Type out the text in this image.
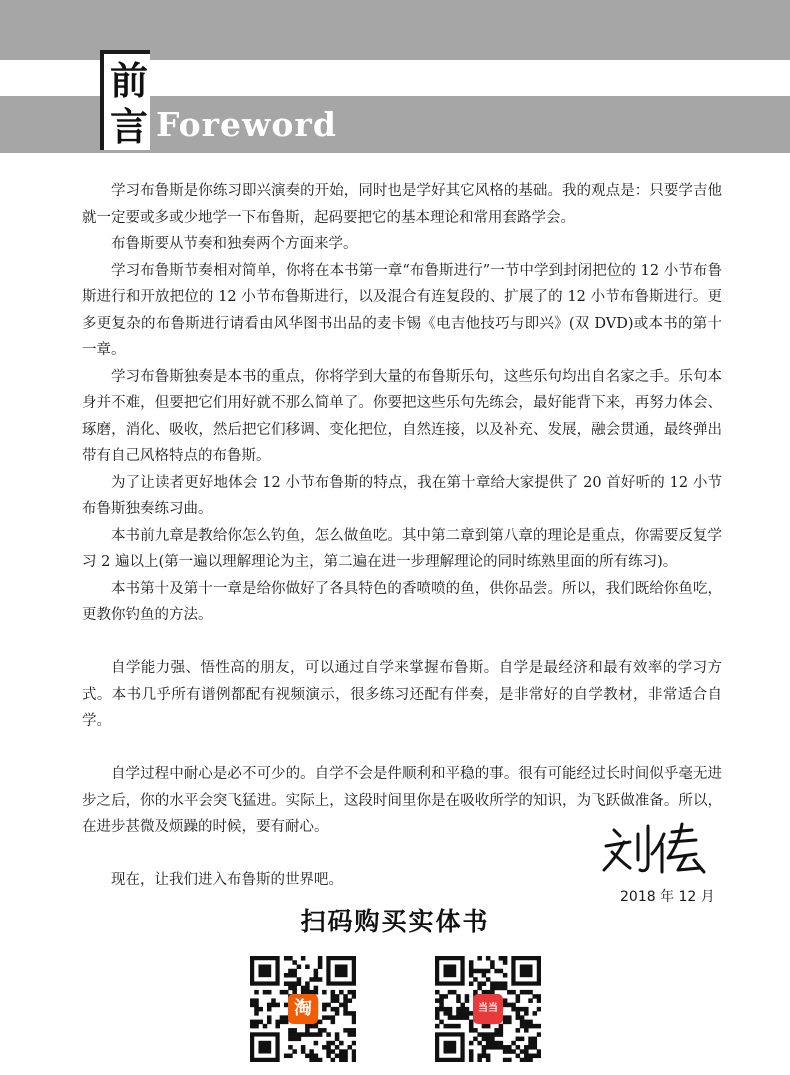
前
言 Foreword

学习布鲁斯是你练习即兴演奏的开始，同时也是学好其它风格的基础。我的观点是：只要学吉他就一定要或多或少地学一下布鲁斯，起码要把它的基本理论和常用套路学会。

布鲁斯要从节奏和独奏两个方面来学。

学习布鲁斯节奏相对简单，你将在本书第一章“布鲁斯进行”一节中学到封闭把位的 12 小节布鲁斯进行和开放把位的 12 小节布鲁斯进行，以及混合有连复段的、扩展了的 12 小节布鲁斯进行。更多更复杂的布鲁斯进行请看由风华图书出品的麦卡锡《电吉他技巧与即兴》(双 DVD)或本书的第十一章。

学习布鲁斯独奏是本书的重点，你将学到大量的布鲁斯乐句，这些乐句均出自名家之手。乐句本身并不难，但要把它们用好就不那么简单了。你要把这些乐句先练会，最好能背下来，再努力体会、琢磨，消化、吸收，然后把它们移调、变化把位，自然连接，以及补充、发展，融会贯通，最终弹出带有自己风格特点的布鲁斯。

为了让读者更好地体会 12 小节布鲁斯的特点，我在第十章给大家提供了 20 首好听的 12 小节布鲁斯独奏练习曲。

本书前九章是教给你怎么钓鱼，怎么做鱼吃。其中第二章到第八章的理论是重点，你需要反复学习 2 遍以上(第一遍以理解理论为主，第二遍在进一步理解理论的同时练熟里面的所有练习)。

本书第十及第十一章是给你做好了各具特色的香喷喷的鱼，供你品尝。所以，我们既给你鱼吃，更教你钓鱼的方法。

自学能力强、悟性高的朋友，可以通过自学来掌握布鲁斯。自学是最经济和最有效率的学习方式。本书几乎所有谱例都配有视频演示，很多练习还配有伴奏，是非常好的自学教材，非常适合自学。

自学过程中耐心是必不可少的。自学不会是件顺利和平稳的事。很有可能经过长时间似乎毫无进步之后，你的水平会突飞猛进。实际上，这段时间里你是在吸收所学的知识，为飞跃做准备。所以，在进步甚微及烦躁的时候，要有耐心。

现在，让我们进入布鲁斯的世界吧。

2018 年 12 月
扫码购买实体书
淘	当当
